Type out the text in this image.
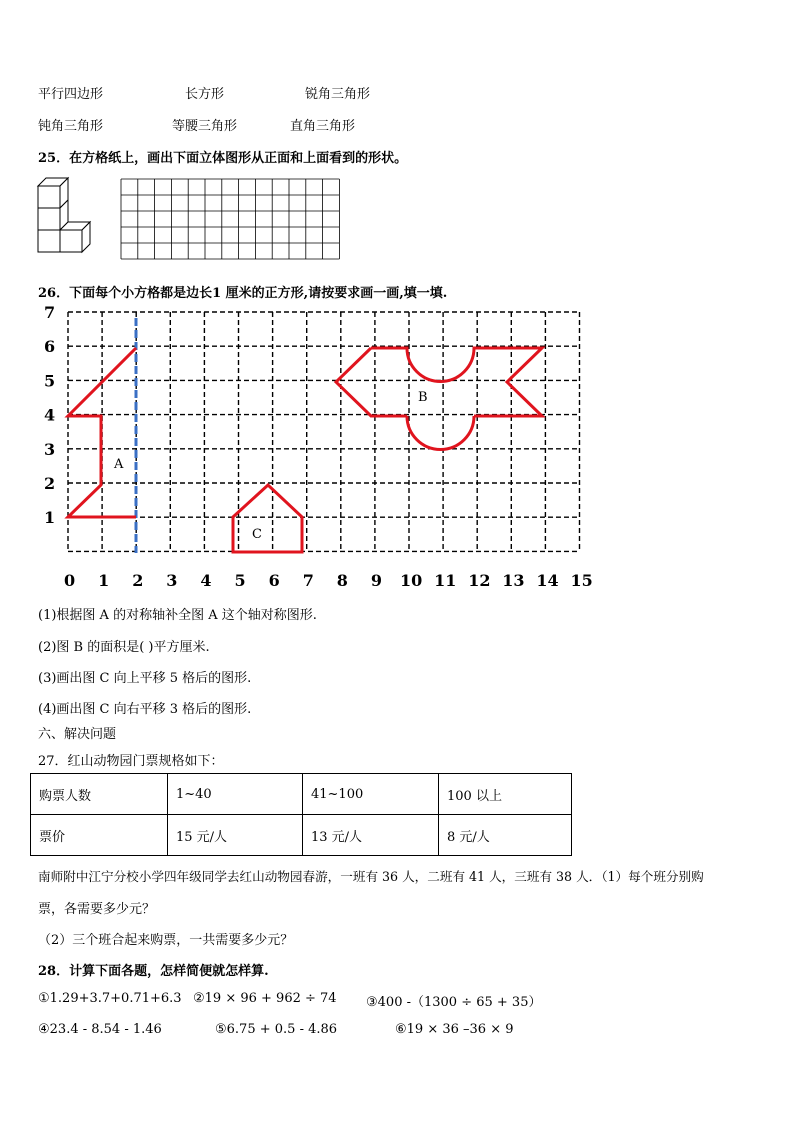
平行四边形	长方形	锐角三角形
钝角三角形	等腰三角形	直角三角形
25．在方格纸上，画出下面立体图形从正面和上面看到的形状。
26．下面每个小方格都是边长1 厘米的正方形,请按要求画一画,填一填.
A
B
C
7
6
5
4
3
2
1
0 1 2 3 4 5 6 7 8 9 10 11 12 13 14 15
(1)根据图 A 的对称轴补全图 A 这个轴对称图形.
(2)图 B 的面积是( )平方厘米.
(3)画出图 C 向上平移 5 格后的图形.
(4)画出图 C 向右平移 3 格后的图形.
六、解决问题
27．红山动物园门票规格如下：
购票人数	1~40	41~100	100 以上
票价	15 元/人	13 元/人	8 元/人
南师附中江宁分校小学四年级同学去红山动物园春游，一班有 36 人，二班有 41 人，三班有 38 人．（1）每个班分别购
票，各需要多少元？
（2）三个班合起来购票，一共需要多少元？
28．计算下面各题，怎样简便就怎样算.
①1.29+3.7+0.71+6.3 ②19 × 96 + 962 ÷ 74 ③400 -（1300 ÷ 65 + 35）
④23.4 - 8.54 - 1.46	⑤6.75 + 0.5 - 4.86	⑥19 × 36 –36 × 9
